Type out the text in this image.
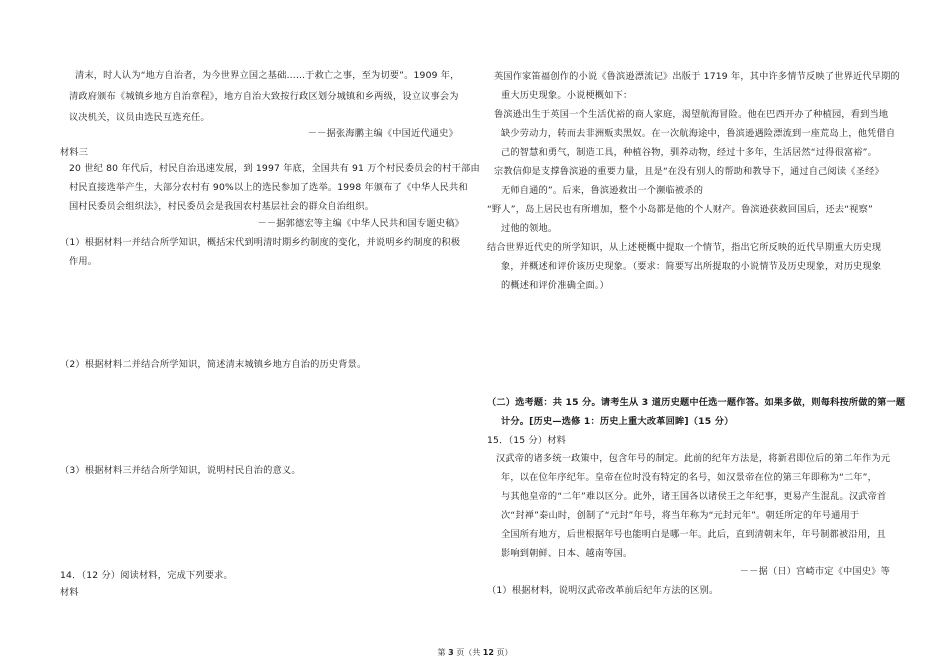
清末，时人认为“地方自治者，为今世界立国之基础……于救亡之事，至为切要”。1909 年，
清政府颁布《城镇乡地方自治章程》，地方自治大致按行政区划分城镇和乡两级，设立议事会为
议决机关，议员由选民互选充任。
－－据张海鹏主编《中国近代通史》
材料三
20 世纪 80 年代后，村民自治迅速发展，到 1997 年底，全国共有 91 万个村民委员会的村干部由
村民直接选举产生，大部分农村有 90%以上的选民参加了选举。1998 年颁布了《中华人民共和
国村民委员会组织法》，村民委员会是我国农村基层社会的群众自治组织。
－－据郭德宏等主编《中华人民共和国专题史稿》
（1）根据材料一并结合所学知识，概括宋代到明清时期乡约制度的变化，并说明乡约制度的积极
作用。
（2）根据材料二并结合所学知识，简述清末城镇乡地方自治的历史背景。
（3）根据材料三并结合所学知识，说明村民自治的意义。
14．（12 分）阅读材料，完成下列要求。
材料
英国作家笛福创作的小说《鲁滨逊漂流记》出版于 1719 年，其中许多情节反映了世界近代早期的
重大历史现象。小说梗概如下：
鲁滨逊出生于英国一个生活优裕的商人家庭，渴望航海冒险。他在巴西开办了种植园，看到当地
缺少劳动力，转而去非洲贩卖黑奴。在一次航海途中，鲁滨逊遇险漂流到一座荒岛上，他凭借自
己的智慧和勇气，制造工具，种植谷物，驯养动物，经过十多年，生活居然“过得很富裕”。
宗教信仰是支撑鲁滨逊的重要力量，且是“在没有别人的帮助和教导下，通过自己阅读《圣经》
无师自通的”。后来，鲁滨逊救出一个濒临被杀的
“野人”，岛上居民也有所增加，整个小岛都是他的个人财产。鲁滨逊获救回国后，还去“视察”
过他的领地。
结合世界近代史的所学知识，从上述梗概中提取一个情节，指出它所反映的近代早期重大历史现
象，并概述和评价该历史现象。（要求：简要写出所提取的小说情节及历史现象，对历史现象
的概述和评价准确全面。）
（二）选考题：共 15 分。请考生从 3 道历史题中任选一题作答。如果多做，则每科按所做的第一题
计分。[历史—选修 1：历史上重大改革回眸]（15 分）
15．（15 分）材料
汉武帝的诸多统一政策中，包含年号的制定。此前的纪年方法是，将新君即位后的第二年作为元
年，以在位年序纪年。皇帝在位时没有特定的名号，如汉景帝在位的第三年即称为“二年”，
与其他皇帝的“二年”难以区分。此外，诸王国各以诸侯王之年纪事，更易产生混乱。汉武帝首
次“封禅”泰山时，创制了“元封”年号，将当年称为“元封元年”。朝廷所定的年号通用于
全国所有地方，后世根据年号也能明白是哪一年。此后，直到清朝末年，年号制都被沿用，且
影响到朝鲜、日本、越南等国。
－－据（日）宫崎市定《中国史》等
（1）根据材料，说明汉武帝改革前后纪年方法的区别。
第 3 页（共 12 页）
